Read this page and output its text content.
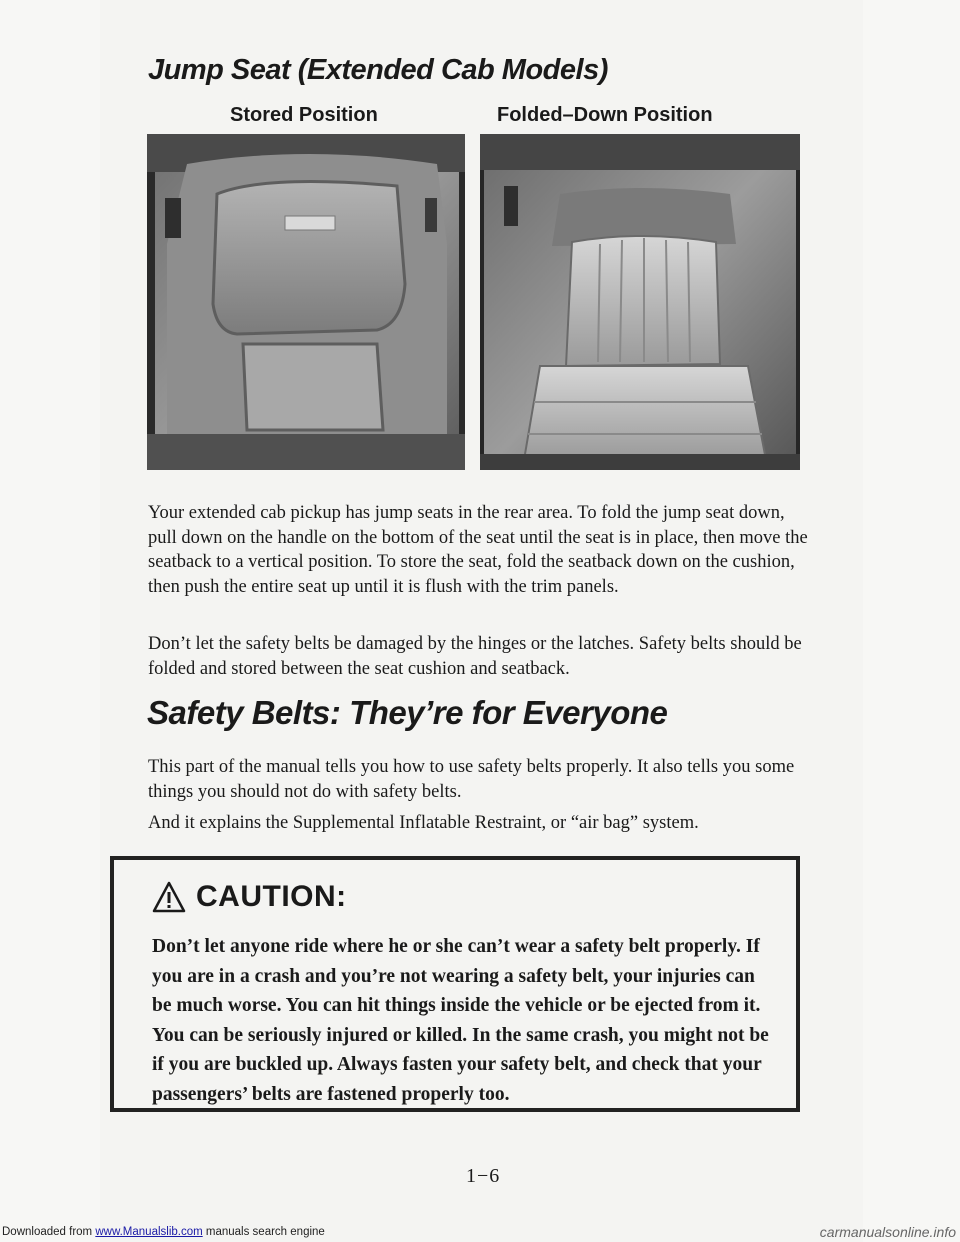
Jump Seat (Extended Cab Models)

Stored Position	Folded–Down Position

Your extended cab pickup has jump seats in the rear area. To fold the jump seat down, pull down on the handle on the bottom of the seat until the seat is in place, then move the seatback to a vertical position. To store the seat, fold the seatback down on the cushion, then push the entire seat up until it is flush with the trim panels.

Don’t let the safety belts be damaged by the hinges or the latches. Safety belts should be folded and stored between the seat cushion and seatback.

Safety Belts: They’re for Everyone

This part of the manual tells you how to use safety belts properly. It also tells you some things you should not do with safety belts.

And it explains the Supplemental Inflatable Restraint, or “air bag” system.

CAUTION:

Don’t let anyone ride where he or she can’t wear a safety belt properly. If you are in a crash and you’re not wearing a safety belt, your injuries can be much worse. You can hit things inside the vehicle or be ejected from it. You can be seriously injured or killed. In the same crash, you might not be if you are buckled up. Always fasten your safety belt, and check that your passengers’ belts are fastened properly too.

1−6

Downloaded from www.Manualslib.com manuals search engine	carmanualsonline.info
